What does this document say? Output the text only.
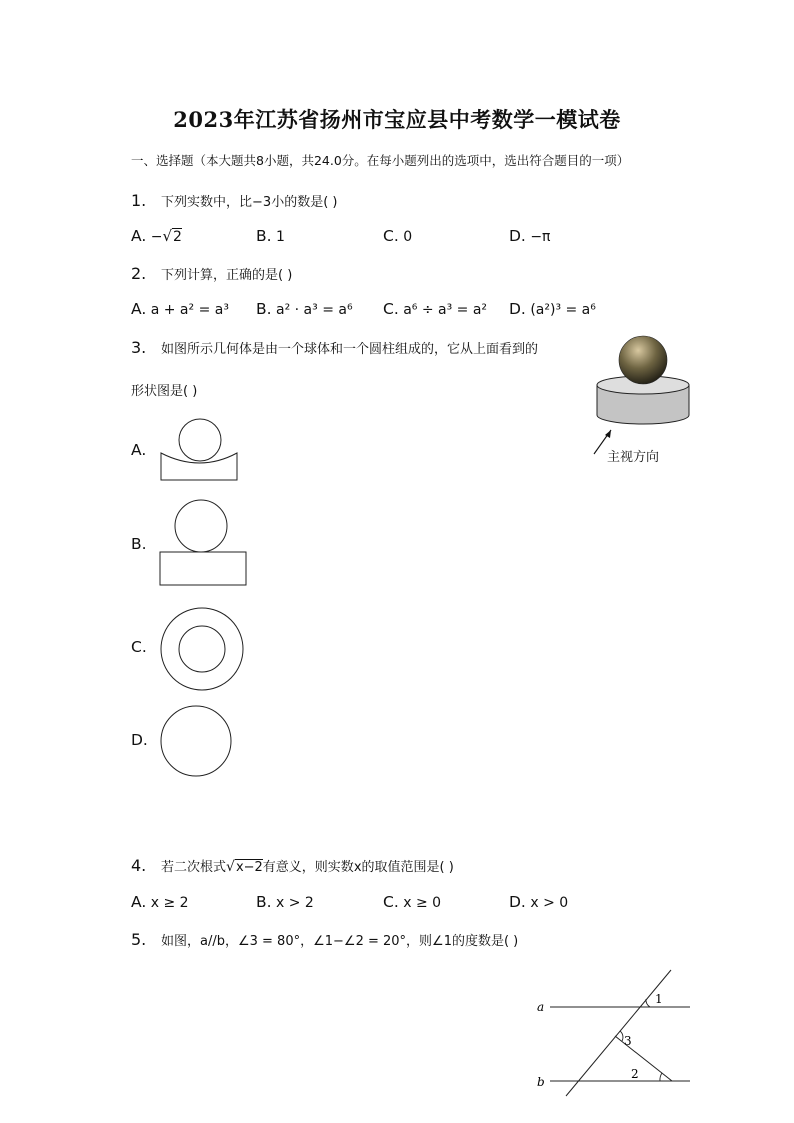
2023年江苏省扬州市宝应县中考数学一模试卷
一、选择题（本大题共8小题，共24.0分。在每小题列出的选项中，选出符合题目的一项）
1. 下列实数中，比−3小的数是( )
A. −√2	B. 1	C. 0	D. −π
2. 下列计算，正确的是( )
A. a + a² = a³ B. a² · a³ = a⁶ C. a⁶ ÷ a³ = a² D. (a²)³ = a⁶
3. 如图所示几何体是由一个球体和一个圆柱组成的，它从上面看到的
形状图是( )
主视方向
A.
B.
C.
D.
4. 若二次根式√x−2有意义，则实数x的取值范围是( )
A. x ≥ 2	B. x > 2	C. x ≥ 0	D. x > 0
5. 如图，a//b，∠3 = 80°，∠1−∠2 = 20°，则∠1的度数是( )
a
b
1
3
2
